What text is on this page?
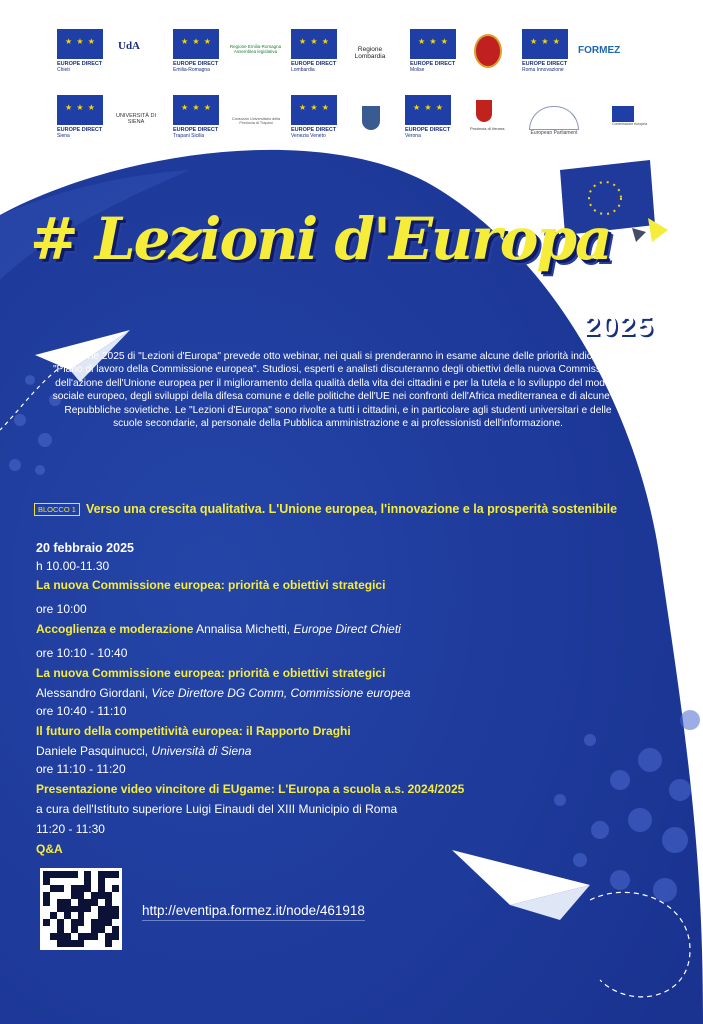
★ ★ ★
EUROPE DIRECT
Chieti
UdA
★ ★ ★
EUROPE DIRECT
Emilia-Romagna
Regione Emilia-Romagna Assemblea legislativa
★ ★ ★
EUROPE DIRECT
Lombardia
Regione Lombardia
★ ★ ★
EUROPE DIRECT
Molise
★ ★ ★
EUROPE DIRECT
Roma Innovazione
FORMEZ
★ ★ ★
EUROPE DIRECT
Siena
UNIVERSITÀ DI SIENA
★ ★ ★
EUROPE DIRECT
Trapani Sicilia
Consorzio Universitario della Provincia di Trapani
★ ★ ★
EUROPE DIRECT
Venezia Veneto
★ ★ ★
EUROPE DIRECT
Verona
Provincia di Verona
European Parliament
Commissione europea
# Lezioni d'Europa
2025
L'edizione 2025 di "Lezioni d'Europa" prevede otto webinar, nei quali si prenderanno in esame alcune delle priorità indicate dal "Piano di lavoro della Commissione europea". Studiosi, esperti e analisti discuteranno degli obiettivi della nuova Commissione, dell'azione dell'Unione europea per il miglioramento della qualità della vita dei cittadini e per la tutela e lo sviluppo del modello sociale europeo, degli sviluppi della difesa comune e delle politiche dell'UE nei confronti dell'Africa mediterranea e di alcune ex Repubbliche sovietiche. Le "Lezioni d'Europa" sono rivolte a tutti i cittadini, e in particolare agli studenti universitari e delle scuole secondarie, al personale della Pubblica amministrazione e ai professionisti dell'informazione.
BLOCCO 1 Verso una crescita qualitativa. L'Unione europea, l'innovazione e la prosperità sostenibile
20 febbraio 2025
h 10.00-11.30
La nuova Commissione europea: priorità e obiettivi strategici
ore 10:00
Accoglienza e moderazione Annalisa Michetti, Europe Direct Chieti
ore 10:10 - 10:40
La nuova Commissione europea: priorità e obiettivi strategici
Alessandro Giordani, Vice Direttore DG Comm, Commissione europea
ore 10:40 - 11:10
Il futuro della competitività europea: il Rapporto Draghi
Daniele Pasquinucci, Università di Siena
ore 11:10 - 11:20
Presentazione video vincitore di EUgame: L'Europa a scuola a.s. 2024/2025
a cura dell'Istituto superiore Luigi Einaudi del XIII Municipio di Roma
11:20 - 11:30
Q&A
http://eventipa.formez.it/node/461918
